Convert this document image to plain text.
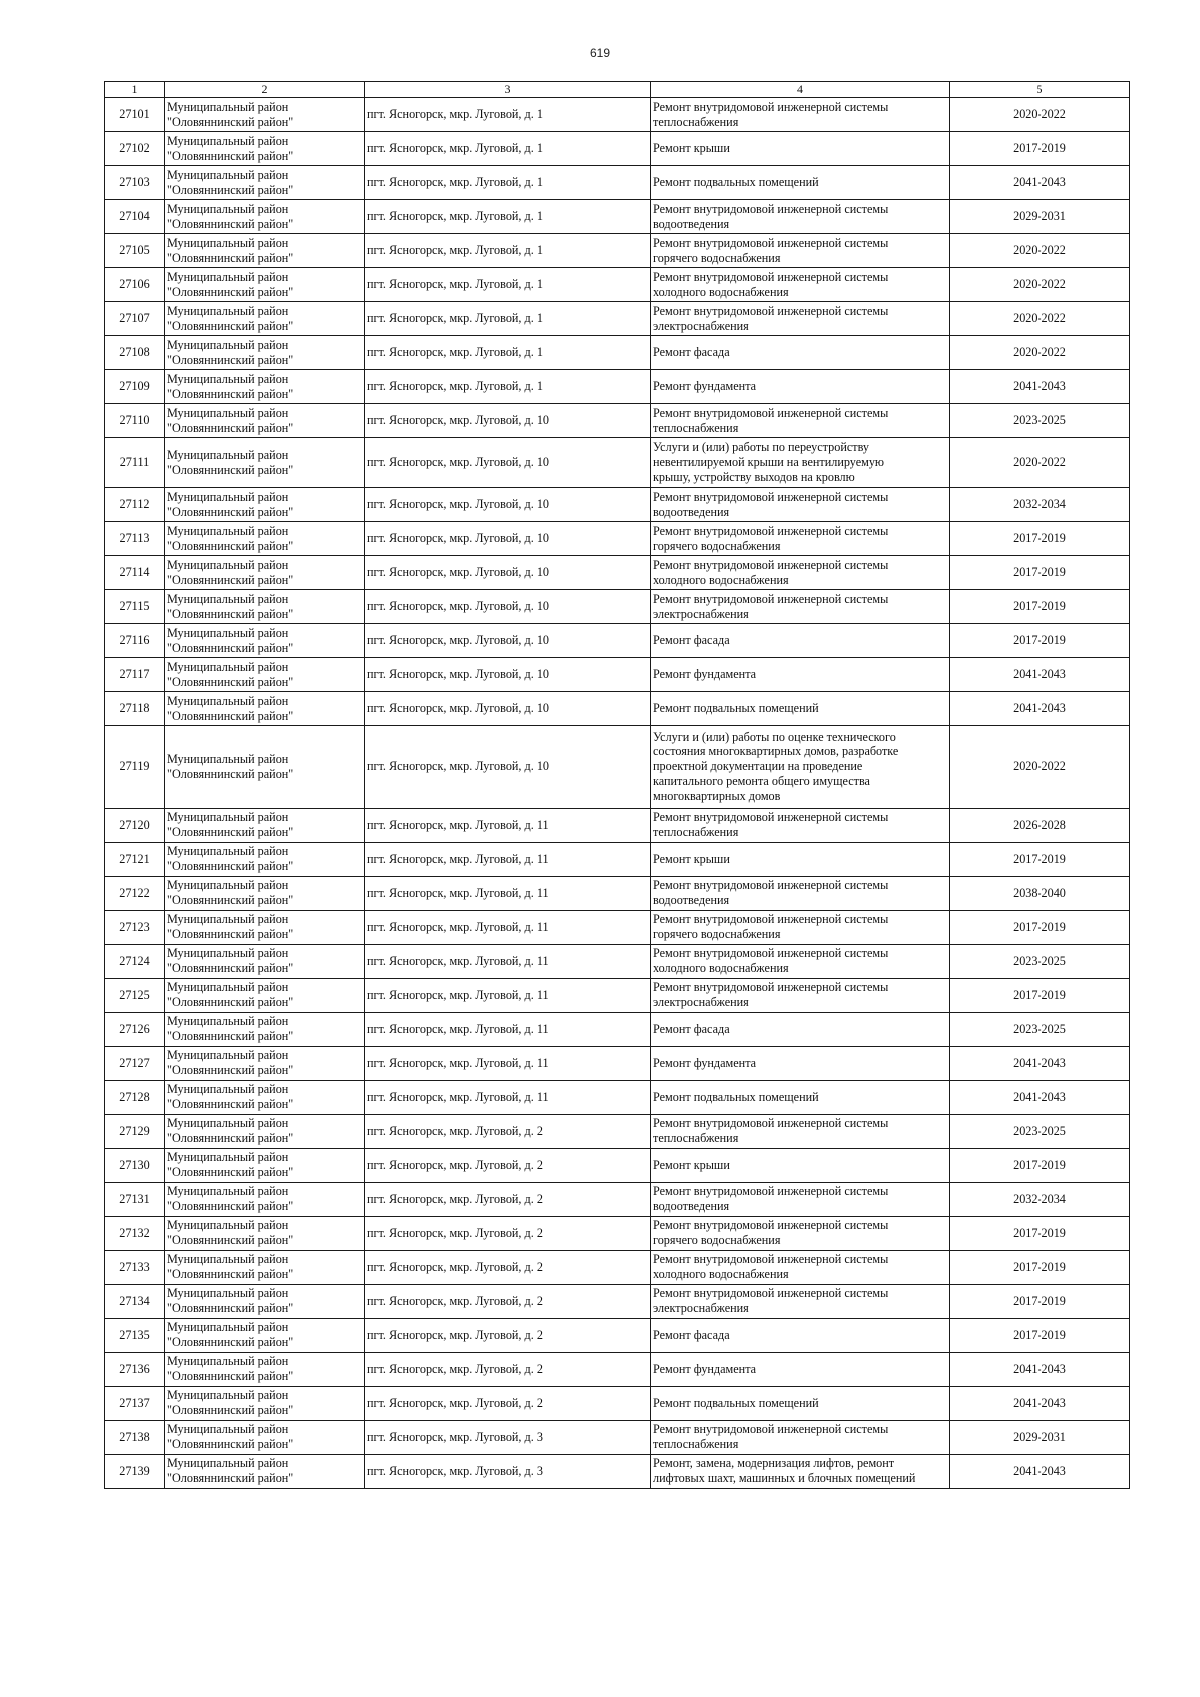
619
1	2	3	4	5
27101	Муниципальный район
"Оловяннинский район"	пгт. Ясногорск, мкр. Луговой, д. 1	Ремонт внутридомовой инженерной системы
теплоснабжения	2020-2022
27102	Муниципальный район
"Оловяннинский район"	пгт. Ясногорск, мкр. Луговой, д. 1	Ремонт крыши	2017-2019
27103	Муниципальный район
"Оловяннинский район"	пгт. Ясногорск, мкр. Луговой, д. 1	Ремонт подвальных помещений	2041-2043
27104	Муниципальный район
"Оловяннинский район"	пгт. Ясногорск, мкр. Луговой, д. 1	Ремонт внутридомовой инженерной системы
водоотведения	2029-2031
27105	Муниципальный район
"Оловяннинский район"	пгт. Ясногорск, мкр. Луговой, д. 1	Ремонт внутридомовой инженерной системы
горячего водоснабжения	2020-2022
27106	Муниципальный район
"Оловяннинский район"	пгт. Ясногорск, мкр. Луговой, д. 1	Ремонт внутридомовой инженерной системы
холодного водоснабжения	2020-2022
27107	Муниципальный район
"Оловяннинский район"	пгт. Ясногорск, мкр. Луговой, д. 1	Ремонт внутридомовой инженерной системы
электроснабжения	2020-2022
27108	Муниципальный район
"Оловяннинский район"	пгт. Ясногорск, мкр. Луговой, д. 1	Ремонт фасада	2020-2022
27109	Муниципальный район
"Оловяннинский район"	пгт. Ясногорск, мкр. Луговой, д. 1	Ремонт фундамента	2041-2043
27110	Муниципальный район
"Оловяннинский район"	пгт. Ясногорск, мкр. Луговой, д. 10	Ремонт внутридомовой инженерной системы
теплоснабжения	2023-2025
27111	Муниципальный район
"Оловяннинский район"	пгт. Ясногорск, мкр. Луговой, д. 10	Услуги и (или) работы по переустройству
невентилируемой крыши на вентилируемую
крышу, устройству выходов на кровлю	2020-2022
27112	Муниципальный район
"Оловяннинский район"	пгт. Ясногорск, мкр. Луговой, д. 10	Ремонт внутридомовой инженерной системы
водоотведения	2032-2034
27113	Муниципальный район
"Оловяннинский район"	пгт. Ясногорск, мкр. Луговой, д. 10	Ремонт внутридомовой инженерной системы
горячего водоснабжения	2017-2019
27114	Муниципальный район
"Оловяннинский район"	пгт. Ясногорск, мкр. Луговой, д. 10	Ремонт внутридомовой инженерной системы
холодного водоснабжения	2017-2019
27115	Муниципальный район
"Оловяннинский район"	пгт. Ясногорск, мкр. Луговой, д. 10	Ремонт внутридомовой инженерной системы
электроснабжения	2017-2019
27116	Муниципальный район
"Оловяннинский район"	пгт. Ясногорск, мкр. Луговой, д. 10	Ремонт фасада	2017-2019
27117	Муниципальный район
"Оловяннинский район"	пгт. Ясногорск, мкр. Луговой, д. 10	Ремонт фундамента	2041-2043
27118	Муниципальный район
"Оловяннинский район"	пгт. Ясногорск, мкр. Луговой, д. 10	Ремонт подвальных помещений	2041-2043
27119	Муниципальный район
"Оловяннинский район"	пгт. Ясногорск, мкр. Луговой, д. 10	Услуги и (или) работы по оценке технического
состояния многоквартирных домов, разработке
проектной документации на проведение
капитального ремонта общего имущества
многоквартирных домов	2020-2022
27120	Муниципальный район
"Оловяннинский район"	пгт. Ясногорск, мкр. Луговой, д. 11	Ремонт внутридомовой инженерной системы
теплоснабжения	2026-2028
27121	Муниципальный район
"Оловяннинский район"	пгт. Ясногорск, мкр. Луговой, д. 11	Ремонт крыши	2017-2019
27122	Муниципальный район
"Оловяннинский район"	пгт. Ясногорск, мкр. Луговой, д. 11	Ремонт внутридомовой инженерной системы
водоотведения	2038-2040
27123	Муниципальный район
"Оловяннинский район"	пгт. Ясногорск, мкр. Луговой, д. 11	Ремонт внутридомовой инженерной системы
горячего водоснабжения	2017-2019
27124	Муниципальный район
"Оловяннинский район"	пгт. Ясногорск, мкр. Луговой, д. 11	Ремонт внутридомовой инженерной системы
холодного водоснабжения	2023-2025
27125	Муниципальный район
"Оловяннинский район"	пгт. Ясногорск, мкр. Луговой, д. 11	Ремонт внутридомовой инженерной системы
электроснабжения	2017-2019
27126	Муниципальный район
"Оловяннинский район"	пгт. Ясногорск, мкр. Луговой, д. 11	Ремонт фасада	2023-2025
27127	Муниципальный район
"Оловяннинский район"	пгт. Ясногорск, мкр. Луговой, д. 11	Ремонт фундамента	2041-2043
27128	Муниципальный район
"Оловяннинский район"	пгт. Ясногорск, мкр. Луговой, д. 11	Ремонт подвальных помещений	2041-2043
27129	Муниципальный район
"Оловяннинский район"	пгт. Ясногорск, мкр. Луговой, д. 2	Ремонт внутридомовой инженерной системы
теплоснабжения	2023-2025
27130	Муниципальный район
"Оловяннинский район"	пгт. Ясногорск, мкр. Луговой, д. 2	Ремонт крыши	2017-2019
27131	Муниципальный район
"Оловяннинский район"	пгт. Ясногорск, мкр. Луговой, д. 2	Ремонт внутридомовой инженерной системы
водоотведения	2032-2034
27132	Муниципальный район
"Оловяннинский район"	пгт. Ясногорск, мкр. Луговой, д. 2	Ремонт внутридомовой инженерной системы
горячего водоснабжения	2017-2019
27133	Муниципальный район
"Оловяннинский район"	пгт. Ясногорск, мкр. Луговой, д. 2	Ремонт внутридомовой инженерной системы
холодного водоснабжения	2017-2019
27134	Муниципальный район
"Оловяннинский район"	пгт. Ясногорск, мкр. Луговой, д. 2	Ремонт внутридомовой инженерной системы
электроснабжения	2017-2019
27135	Муниципальный район
"Оловяннинский район"	пгт. Ясногорск, мкр. Луговой, д. 2	Ремонт фасада	2017-2019
27136	Муниципальный район
"Оловяннинский район"	пгт. Ясногорск, мкр. Луговой, д. 2	Ремонт фундамента	2041-2043
27137	Муниципальный район
"Оловяннинский район"	пгт. Ясногорск, мкр. Луговой, д. 2	Ремонт подвальных помещений	2041-2043
27138	Муниципальный район
"Оловяннинский район"	пгт. Ясногорск, мкр. Луговой, д. 3	Ремонт внутридомовой инженерной системы
теплоснабжения	2029-2031
27139	Муниципальный район
"Оловяннинский район"	пгт. Ясногорск, мкр. Луговой, д. 3	Ремонт, замена, модернизация лифтов, ремонт
лифтовых шахт, машинных и блочных помещений	2041-2043
